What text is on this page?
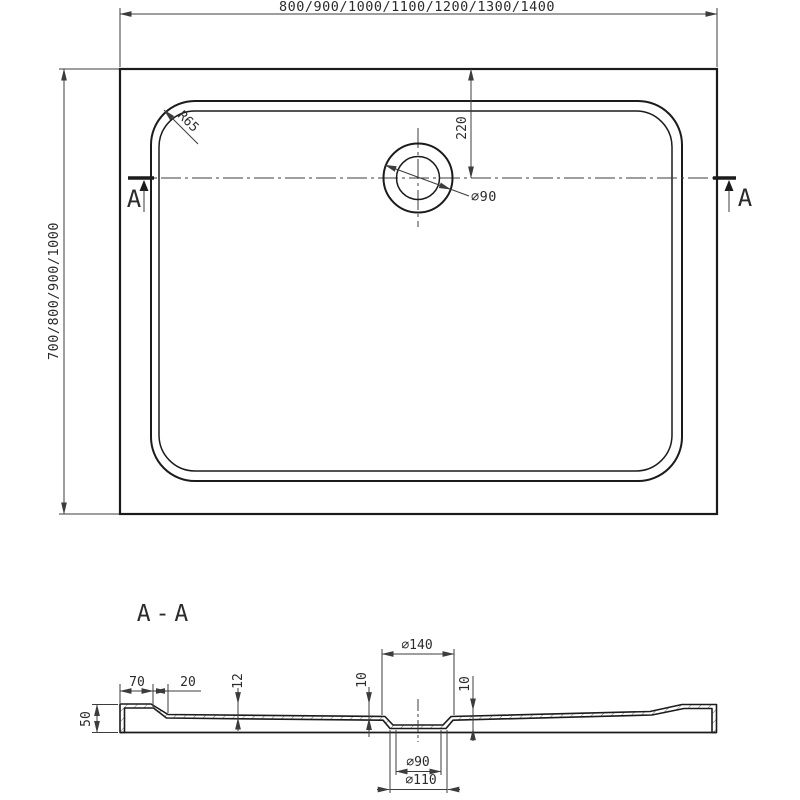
800/900/1000/1100/1200/1300/1400
700/800/900/1000
220
R65
⌀90
A	A
A-A
50
70	20	12	10	10
⌀140
⌀90
⌀110
